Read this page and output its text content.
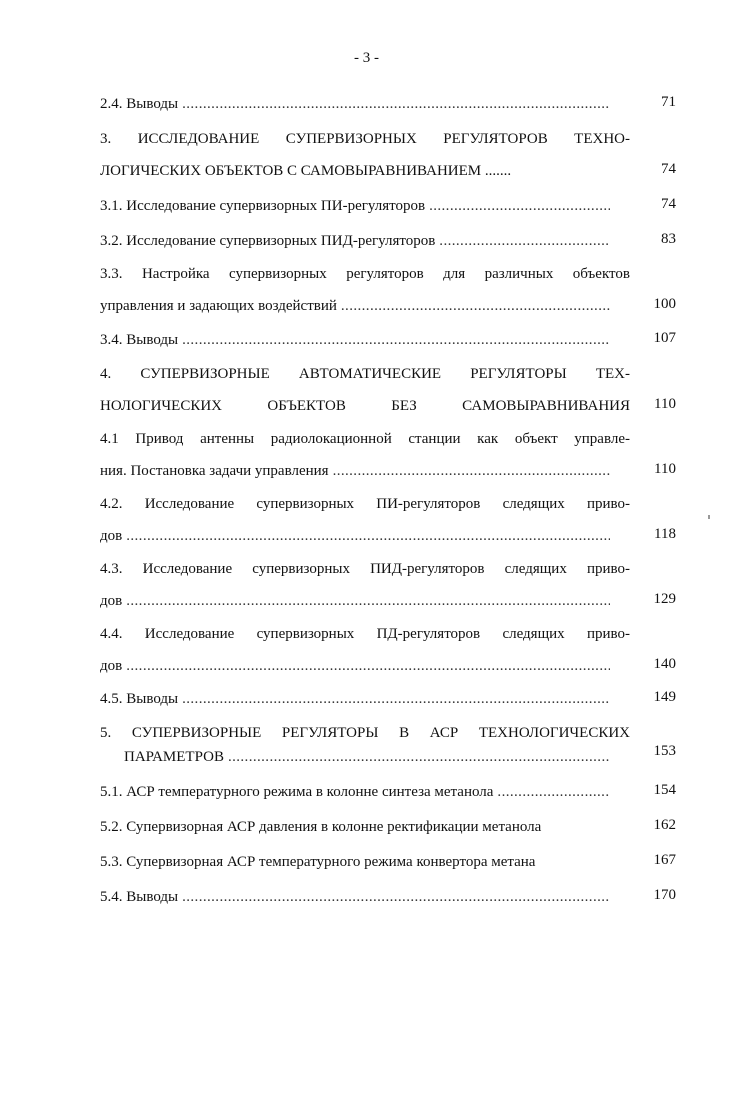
- 3 -
2.4. Выводы .....	71
3. ИССЛЕДОВАНИЕ СУПЕРВИЗОРНЫХ РЕГУЛЯТОРОВ ТЕХНО-
ЛОГИЧЕСКИХ ОБЪЕКТОВ С САМОВЫРАВНИВАНИЕМ .......	74
3.1. Исследование супервизорных ПИ-регуляторов .....	74
3.2. Исследование супервизорных ПИД-регуляторов .....	83
3.3. Настройка супервизорных регуляторов для различных объектов
управления и задающих воздействий .....	100
3.4. Выводы .....	107
4. СУПЕРВИЗОРНЫЕ АВТОМАТИЧЕСКИЕ РЕГУЛЯТОРЫ ТЕХ-
НОЛОГИЧЕСКИХ ОБЪЕКТОВ БЕЗ САМОВЫРАВНИВАНИЯ	110
4.1 Привод антенны радиолокационной станции как объект управле-
ния. Постановка задачи управления .....	110
4.2. Исследование супервизорных ПИ-регуляторов следящих приво-
дов .....	118
4.3. Исследование супервизорных ПИД-регуляторов следящих приво-
дов .....	129
4.4. Исследование супервизорных ПД-регуляторов следящих приво-
дов .....	140
4.5. Выводы .....	149
5. СУПЕРВИЗОРНЫЕ РЕГУЛЯТОРЫ В АСР ТЕХНОЛОГИЧЕСКИХ
ПАРАМЕТРОВ .....	153
5.1. АСР температурного режима в колонне синтеза метанола .....	154
5.2. Супервизорная АСР давления в колонне ректификации метанола	162
5.3. Супервизорная АСР температурного режима конвертора метана	167
5.4. Выводы .....	170
